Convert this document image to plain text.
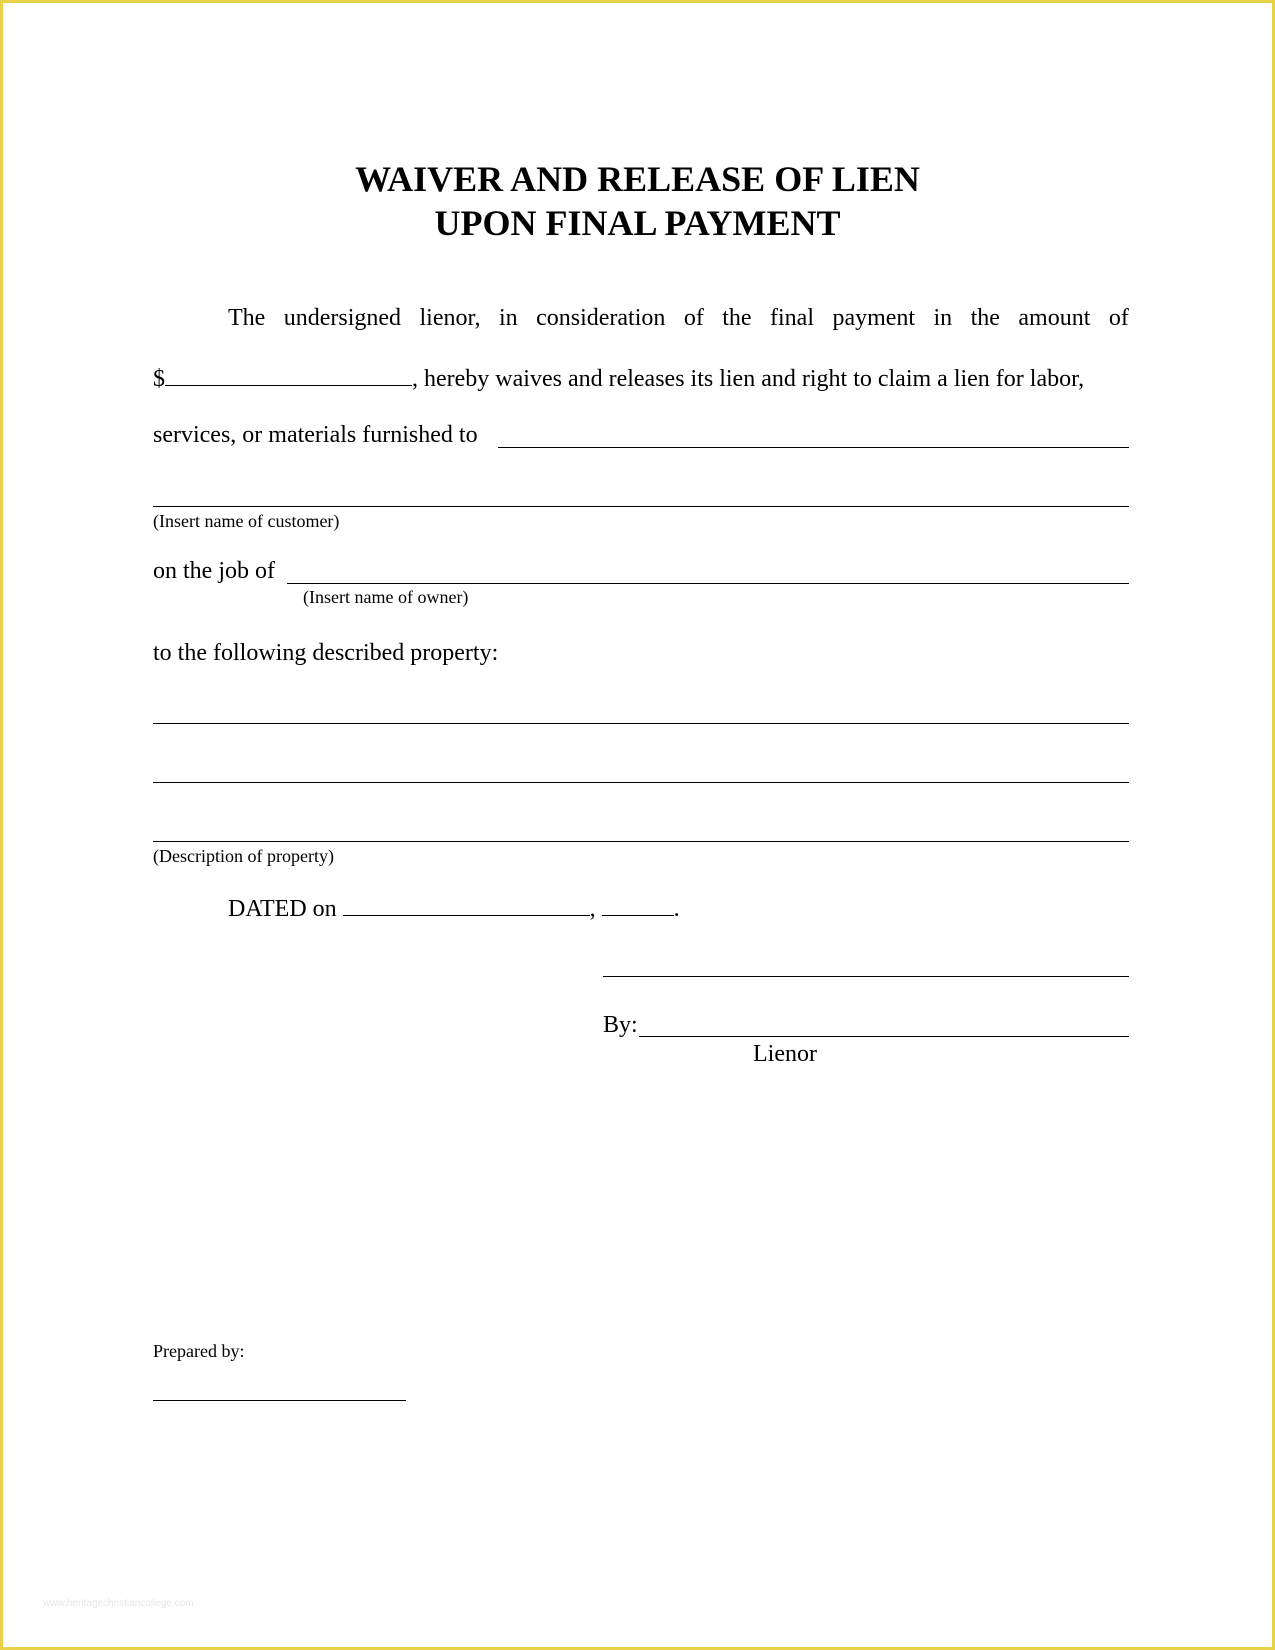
WAIVER AND RELEASE OF LIEN
UPON FINAL PAYMENT
The undersigned lienor, in consideration of the final payment in the amount of
$	, hereby waives and releases its lien and right to claim a lien for labor,
services, or materials furnished to
(Insert name of customer)
on the job of
(Insert name of owner)
to the following described property:
(Description of property)
DATED on	,	.
By:
Lienor
Prepared by:
www.heritagechristiancollege.com
